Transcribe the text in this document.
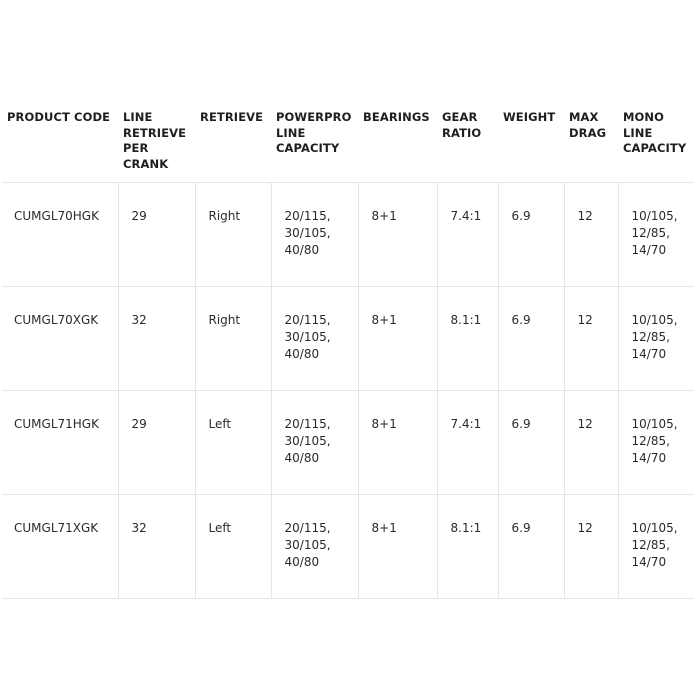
PRODUCT CODE	LINE RETRIEVE PER CRANK	RETRIEVE	POWERPRO LINE CAPACITY	BEARINGS	GEAR RATIO	WEIGHT	MAX DRAG	MONO LINE CAPACITY
CUMGL70HGK	29	Right	20/115,
30/105,
40/80	8+1	7.4:1	6.9	12	10/105,
12/85,
14/70

CUMGL70XGK	32	Right	20/115,
30/105,
40/80	8+1	8.1:1	6.9	12	10/105,
12/85,
14/70

CUMGL71HGK	29	Left	20/115,
30/105,
40/80	8+1	7.4:1	6.9	12	10/105,
12/85,
14/70

CUMGL71XGK	32	Left	20/115,
30/105,
40/80	8+1	8.1:1	6.9	12	10/105,
12/85,
14/70
